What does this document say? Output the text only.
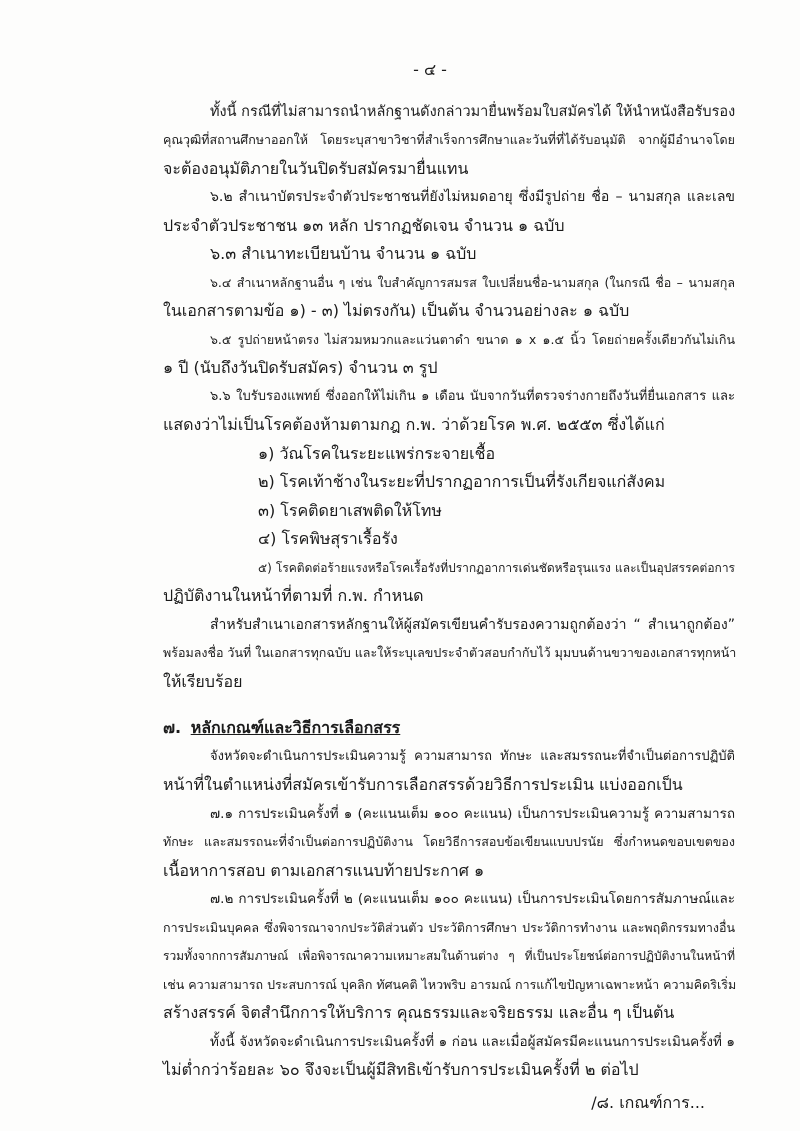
- ๔ -
ทั้งนี้ กรณีที่ไม่สามารถนำหลักฐานดังกล่าวมายื่นพร้อมใบสมัครได้ ให้นำหนังสือรับรอง
คุณวุฒิที่สถานศึกษาออกให้ โดยระบุสาขาวิชาที่สำเร็จการศึกษาและวันที่ที่ได้รับอนุมัติ จากผู้มีอำนาจโดย
จะต้องอนุมัติภายในวันปิดรับสมัครมายื่นแทน
๖.๒ สำเนาบัตรประจำตัวประชาชนที่ยังไม่หมดอายุ ซึ่งมีรูปถ่าย ชื่อ – นามสกุล และเลข
ประจำตัวประชาชน ๑๓ หลัก ปรากฏชัดเจน จำนวน ๑ ฉบับ
๖.๓ สำเนาทะเบียนบ้าน จำนวน ๑ ฉบับ
๖.๔ สำเนาหลักฐานอื่น ๆ เช่น ใบสำคัญการสมรส ใบเปลี่ยนชื่อ-นามสกุล (ในกรณี ชื่อ – นามสกุล
ในเอกสารตามข้อ ๑) - ๓) ไม่ตรงกัน) เป็นต้น จำนวนอย่างละ ๑ ฉบับ
๖.๕ รูปถ่ายหน้าตรง ไม่สวมหมวกและแว่นตาดำ ขนาด ๑ x ๑.๕ นิ้ว โดยถ่ายครั้งเดียวกันไม่เกิน
๑ ปี (นับถึงวันปิดรับสมัคร) จำนวน ๓ รูป
๖.๖ ใบรับรองแพทย์ ซึ่งออกให้ไม่เกิน ๑ เดือน นับจากวันที่ตรวจร่างกายถึงวันที่ยื่นเอกสาร และ
แสดงว่าไม่เป็นโรคต้องห้ามตามกฎ ก.พ. ว่าด้วยโรค พ.ศ. ๒๕๕๓ ซึ่งได้แก่
๑) วัณโรคในระยะแพร่กระจายเชื้อ
๒) โรคเท้าช้างในระยะที่ปรากฏอาการเป็นที่รังเกียจแก่สังคม
๓) โรคติดยาเสพติดให้โทษ
๔) โรคพิษสุราเรื้อรัง
๕) โรคติดต่อร้ายแรงหรือโรคเรื้อรังที่ปรากฏอาการเด่นชัดหรือรุนแรง และเป็นอุปสรรคต่อการ
ปฏิบัติงานในหน้าที่ตามที่ ก.พ. กำหนด
สำหรับสำเนาเอกสารหลักฐานให้ผู้สมัครเขียนคำรับรองความถูกต้องว่า “ สำเนาถูกต้อง”
พร้อมลงชื่อ วันที่ ในเอกสารทุกฉบับ และให้ระบุเลขประจำตัวสอบกำกับไว้ มุมบนด้านขวาของเอกสารทุกหน้า
ให้เรียบร้อย
๗. หลักเกณฑ์และวิธีการเลือกสรร
จังหวัดจะดำเนินการประเมินความรู้ ความสามารถ ทักษะ และสมรรถนะที่จำเป็นต่อการปฏิบัติ
หน้าที่ในตำแหน่งที่สมัครเข้ารับการเลือกสรรด้วยวิธีการประเมิน แบ่งออกเป็น
๗.๑ การประเมินครั้งที่ ๑ (คะแนนเต็ม ๑๐๐ คะแนน) เป็นการประเมินความรู้ ความสามารถ
ทักษะ และสมรรถนะที่จำเป็นต่อการปฏิบัติงาน โดยวิธีการสอบข้อเขียนแบบปรนัย ซึ่งกำหนดขอบเขตของ
เนื้อหาการสอบ ตามเอกสารแนบท้ายประกาศ ๑
๗.๒ การประเมินครั้งที่ ๒ (คะแนนเต็ม ๑๐๐ คะแนน) เป็นการประเมินโดยการสัมภาษณ์และ
การประเมินบุคคล ซึ่งพิจารณาจากประวัติส่วนตัว ประวัติการศึกษา ประวัติการทำงาน และพฤติกรรมทางอื่น
รวมทั้งจากการสัมภาษณ์ เพื่อพิจารณาความเหมาะสมในด้านต่าง ๆ ที่เป็นประโยชน์ต่อการปฏิบัติงานในหน้าที่
เช่น ความสามารถ ประสบการณ์ บุคลิก ทัศนคติ ไหวพริบ อารมณ์ การแก้ไขปัญหาเฉพาะหน้า ความคิดริเริ่ม
สร้างสรรค์ จิตสำนึกการให้บริการ คุณธรรมและจริยธรรม และอื่น ๆ เป็นต้น
ทั้งนี้ จังหวัดจะดำเนินการประเมินครั้งที่ ๑ ก่อน และเมื่อผู้สมัครมีคะแนนการประเมินครั้งที่ ๑
ไม่ต่ำกว่าร้อยละ ๖๐ จึงจะเป็นผู้มีสิทธิเข้ารับการประเมินครั้งที่ ๒ ต่อไป
/๘. เกณฑ์การ...
